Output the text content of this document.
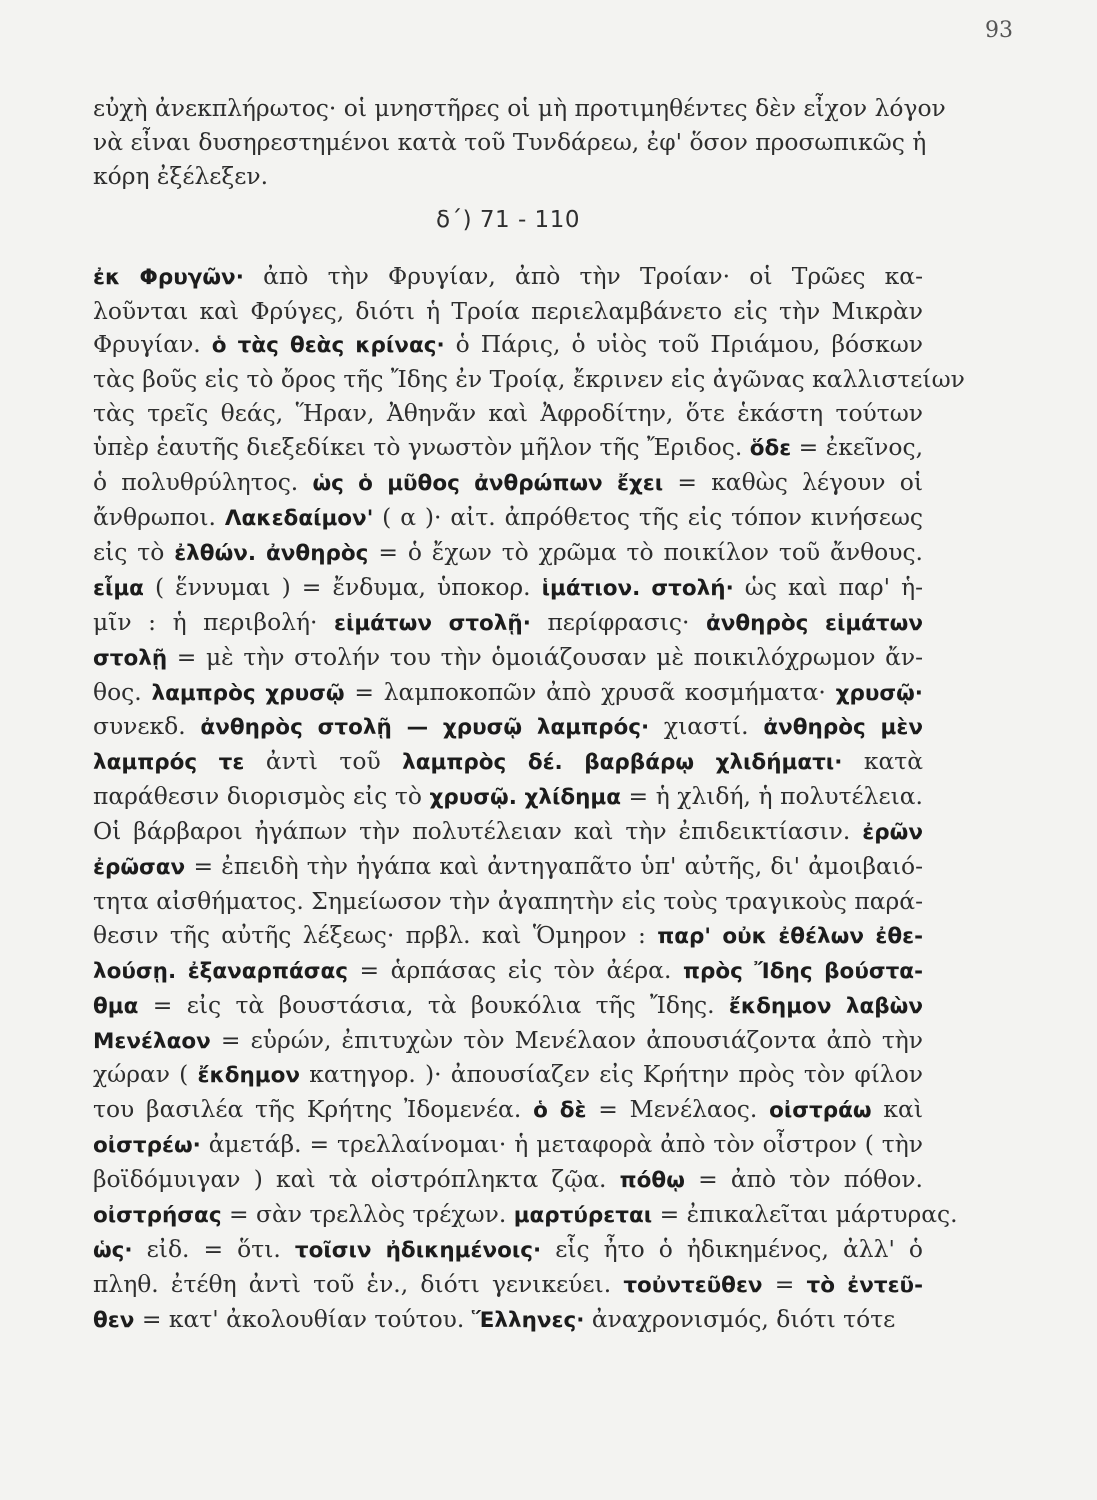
93
εὐχὴ ἀνεκπλήρωτος· οἱ μνηστῆρες οἱ μὴ προτιμηθέντες δὲν εἶχον λόγον
νὰ εἶναι δυσηρεστημένοι κατὰ τοῦ Τυνδάρεω, ἐφ' ὅσον προσωπικῶς ἡ
κόρη ἐξέλεξεν.
δ΄) 71 - 110
ἐκ Φρυγῶν· ἀπὸ τὴν Φρυγίαν, ἀπὸ τὴν Τροίαν· οἱ Τρῶες κα-
λοῦνται καὶ Φρύγες, διότι ἡ Τροία περιελαμβάνετο εἰς τὴν Μικρὰν
Φρυγίαν. ὁ τὰς θεὰς κρίνας· ὁ Πάρις, ὁ υἱὸς τοῦ Πριάμου, βόσκων
τὰς βοῦς εἰς τὸ ὄρος τῆς Ἴδης ἐν Τροίᾳ, ἔκρινεν εἰς ἀγῶνας καλλιστείων
τὰς τρεῖς θεάς, Ἥραν, Ἀθηνᾶν καὶ Ἀφροδίτην, ὅτε ἑκάστη τούτων
ὑπὲρ ἑαυτῆς διεξεδίκει τὸ γνωστὸν μῆλον τῆς Ἔριδος. ὅδε = ἐκεῖνος,
ὁ πολυθρύλητος. ὡς ὁ μῦθος ἀνθρώπων ἔχει = καθὼς λέγουν οἱ
ἄνθρωποι. Λακεδαίμον' ( α )· αἰτ. ἀπρόθετος τῆς εἰς τόπον κινήσεως
εἰς τὸ ἐλθών. ἀνθηρὸς = ὁ ἔχων τὸ χρῶμα τὸ ποικίλον τοῦ ἄνθους.
εἷμα ( ἕννυμαι ) = ἔνδυμα, ὑποκορ. ἱμάτιον. στολή· ὡς καὶ παρ' ἡ-
μῖν : ἡ περιβολή· εἱμάτων στολῇ· περίφρασις· ἀνθηρὸς εἱμάτων
στολῇ = μὲ τὴν στολήν του τὴν ὁμοιάζουσαν μὲ ποικιλόχρωμον ἄν-
θος. λαμπρὸς χρυσῷ = λαμποκοπῶν ἀπὸ χρυσᾶ κοσμήματα· χρυσῷ·
συνεκδ. ἀνθηρὸς στολῇ — χρυσῷ λαμπρός· χιαστί. ἀνθηρὸς μὲν
λαμπρός τε ἀντὶ τοῦ λαμπρὸς δέ. βαρβάρῳ χλιδήματι· κατὰ
παράθεσιν διορισμὸς εἰς τὸ χρυσῷ. χλίδημα = ἡ χλιδή, ἡ πολυτέλεια.
Οἱ βάρβαροι ἠγάπων τὴν πολυτέλειαν καὶ τὴν ἐπιδεικτίασιν. ἐρῶν
ἐρῶσαν = ἐπειδὴ τὴν ἠγάπα καὶ ἀντηγαπᾶτο ὑπ' αὐτῆς, δι' ἀμοιβαιό-
τητα αἰσθήματος. Σημείωσον τὴν ἀγαπητὴν εἰς τοὺς τραγικοὺς παρά-
θεσιν τῆς αὐτῆς λέξεως· πρβλ. καὶ Ὅμηρον : παρ' οὐκ ἐθέλων ἐθε-
λούσῃ. ἐξαναρπάσας = ἁρπάσας εἰς τὸν ἀέρα. πρὸς Ἴδης βούστα-
θμα = εἰς τὰ βουστάσια, τὰ βουκόλια τῆς Ἴδης. ἔκδημον λαβὼν
Μενέλαον = εὑρών, ἐπιτυχὼν τὸν Μενέλαον ἀπουσιάζοντα ἀπὸ τὴν
χώραν ( ἔκδημον κατηγορ. )· ἀπουσίαζεν εἰς Κρήτην πρὸς τὸν φίλον
του βασιλέα τῆς Κρήτης Ἰδομενέα. ὁ δὲ = Μενέλαος. οἰστράω καὶ
οἰστρέω· ἀμετάβ. = τρελλαίνομαι· ἡ μεταφορὰ ἀπὸ τὸν οἶστρον ( τὴν
βοϊδόμυιγαν ) καὶ τὰ οἰστρόπληκτα ζῷα. πόθῳ = ἀπὸ τὸν πόθον.
οἰστρήσας = σὰν τρελλὸς τρέχων. μαρτύρεται = ἐπικαλεῖται μάρτυρας.
ὡς· εἰδ. = ὅτι. τοῖσιν ἠδικημένοις· εἷς ἦτο ὁ ἠδικημένος, ἀλλ' ὁ
πληθ. ἐτέθη ἀντὶ τοῦ ἑν., διότι γενικεύει. τοὐντεῦθεν = τὸ ἐντεῦ-
θεν = κατ' ἀκολουθίαν τούτου. Ἕλληνες· ἀναχρονισμός, διότι τότε
